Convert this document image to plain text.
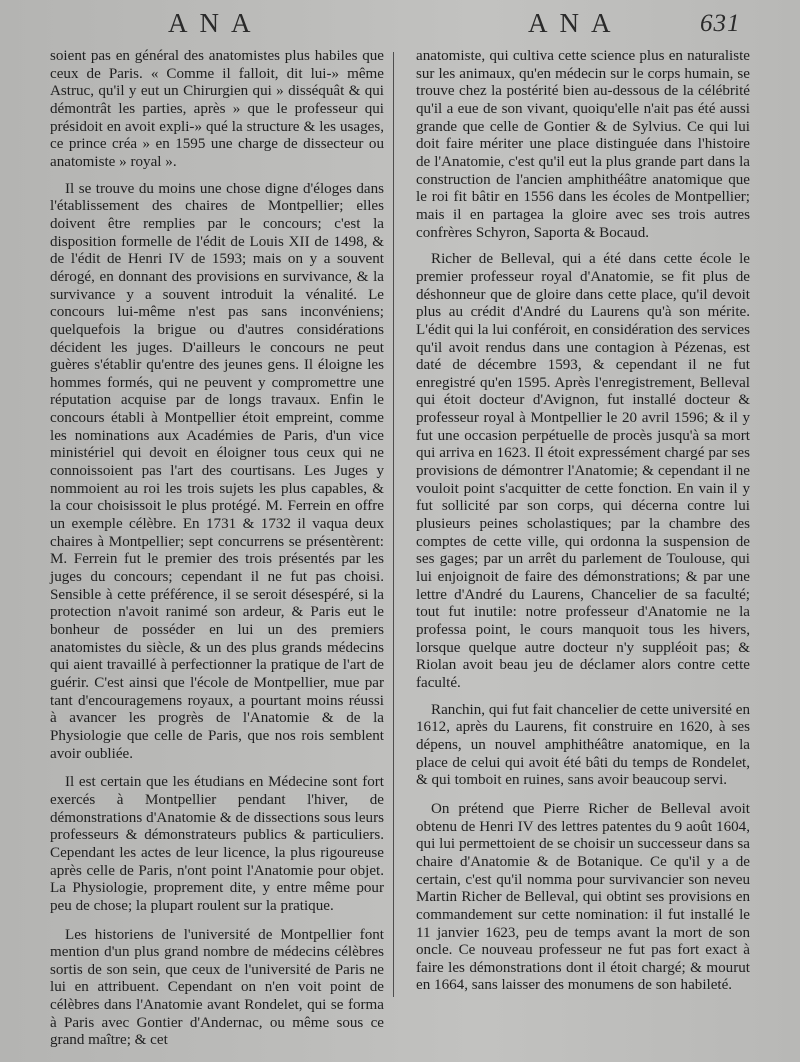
ANA	ANA	631

soient pas en général des anatomistes plus habiles que ceux de Paris. « Comme il falloit, dit lui-» même Astruc, qu'il y eut un Chirurgien qui » disséquât & qui démontrât les parties, après » que le professeur qui présidoit en avoit expli-» qué la structure & les usages, ce prince créa » en 1595 une charge de dissecteur ou anatomiste » royal ».

Il se trouve du moins une chose digne d'éloges dans l'établissement des chaires de Montpellier; elles doivent être remplies par le concours; c'est la disposition formelle de l'édit de Louis XII de 1498, & de l'édit de Henri IV de 1593; mais on y a souvent dérogé, en donnant des provisions en survivance, & la survivance y a souvent introduit la vénalité. Le concours lui-même n'est pas sans inconvéniens; quelquefois la brigue ou d'autres considérations décident les juges. D'ailleurs le concours ne peut guères s'établir qu'entre des jeunes gens. Il éloigne les hommes formés, qui ne peuvent y compromettre une réputation acquise par de longs travaux. Enfin le concours établi à Montpellier étoit empreint, comme les nominations aux Académies de Paris, d'un vice ministériel qui devoit en éloigner tous ceux qui ne connoissoient pas l'art des courtisans. Les Juges y nommoient au roi les trois sujets les plus capables, & la cour choisissoit le plus protégé. M. Ferrein en offre un exemple célèbre. En 1731 & 1732 il vaqua deux chaires à Montpellier; sept concurrens se présentèrent: M. Ferrein fut le premier des trois présentés par les juges du concours; cependant il ne fut pas choisi. Sensible à cette préférence, il se seroit désespéré, si la protection n'avoit ranimé son ardeur, & Paris eut le bonheur de posséder en lui un des premiers anatomistes du siècle, & un des plus grands médecins qui aient travaillé à perfectionner la pratique de l'art de guérir. C'est ainsi que l'école de Montpellier, mue par tant d'encouragemens royaux, a pourtant moins réussi à avancer les progrès de l'Anatomie & de la Physiologie que celle de Paris, que nos rois semblent avoir oubliée.

Il est certain que les étudians en Médecine sont fort exercés à Montpellier pendant l'hiver, de démonstrations d'Anatomie & de dissections sous leurs professeurs & démonstrateurs publics & particuliers. Cependant les actes de leur licence, la plus rigoureuse après celle de Paris, n'ont point l'Anatomie pour objet. La Physiologie, proprement dite, y entre même pour peu de chose; la plupart roulent sur la pratique.

Les historiens de l'université de Montpellier font mention d'un plus grand nombre de médecins célèbres sortis de son sein, que ceux de l'université de Paris ne lui en attribuent. Cependant on n'en voit point de célèbres dans l'Anatomie avant Rondelet, qui se forma à Paris avec Gontier d'Andernac, ou même sous ce grand maître; & cet

anatomiste, qui cultiva cette science plus en naturaliste sur les animaux, qu'en médecin sur le corps humain, se trouve chez la postérité bien au-dessous de la célébrité qu'il a eue de son vivant, quoiqu'elle n'ait pas été aussi grande que celle de Gontier & de Sylvius. Ce qui lui doit faire mériter une place distinguée dans l'histoire de l'Anatomie, c'est qu'il eut la plus grande part dans la construction de l'ancien amphithéâtre anatomique que le roi fit bâtir en 1556 dans les écoles de Montpellier; mais il en partagea la gloire avec ses trois autres confrères Schyron, Saporta & Bocaud.

Richer de Belleval, qui a été dans cette école le premier professeur royal d'Anatomie, se fit plus de déshonneur que de gloire dans cette place, qu'il devoit plus au crédit d'André du Laurens qu'à son mérite. L'édit qui la lui conféroit, en considération des services qu'il avoit rendus dans une contagion à Pézenas, est daté de décembre 1593, & cependant il ne fut enregistré qu'en 1595. Après l'enregistrement, Belleval qui étoit docteur d'Avignon, fut installé docteur & professeur royal à Montpellier le 20 avril 1596; & il y fut une occasion perpétuelle de procès jusqu'à sa mort qui arriva en 1623. Il étoit expressément chargé par ses provisions de démontrer l'Anatomie; & cependant il ne vouloit point s'acquitter de cette fonction. En vain il y fut sollicité par son corps, qui décerna contre lui plusieurs peines scholastiques; par la chambre des comptes de cette ville, qui ordonna la suspension de ses gages; par un arrêt du parlement de Toulouse, qui lui enjoignoit de faire des démonstrations; & par une lettre d'André du Laurens, Chancelier de sa faculté; tout fut inutile: notre professeur d'Anatomie ne la professa point, le cours manquoit tous les hivers, lorsque quelque autre docteur n'y suppléoit pas; & Riolan avoit beau jeu de déclamer alors contre cette faculté.

Ranchin, qui fut fait chancelier de cette université en 1612, après du Laurens, fit construire en 1620, à ses dépens, un nouvel amphithéâtre anatomique, en la place de celui qui avoit été bâti du temps de Rondelet, & qui tomboit en ruines, sans avoir beaucoup servi.

On prétend que Pierre Richer de Belleval avoit obtenu de Henri IV des lettres patentes du 9 août 1604, qui lui permettoient de se choisir un successeur dans sa chaire d'Anatomie & de Botanique. Ce qu'il y a de certain, c'est qu'il nomma pour survivancier son neveu Martin Richer de Belleval, qui obtint ses provisions en commandement sur cette nomination: il fut installé le 11 janvier 1623, peu de temps avant la mort de son oncle. Ce nouveau professeur ne fut pas fort exact à faire les démonstrations dont il étoit chargé; & mourut en 1664, sans laisser des monumens de son habileté.
